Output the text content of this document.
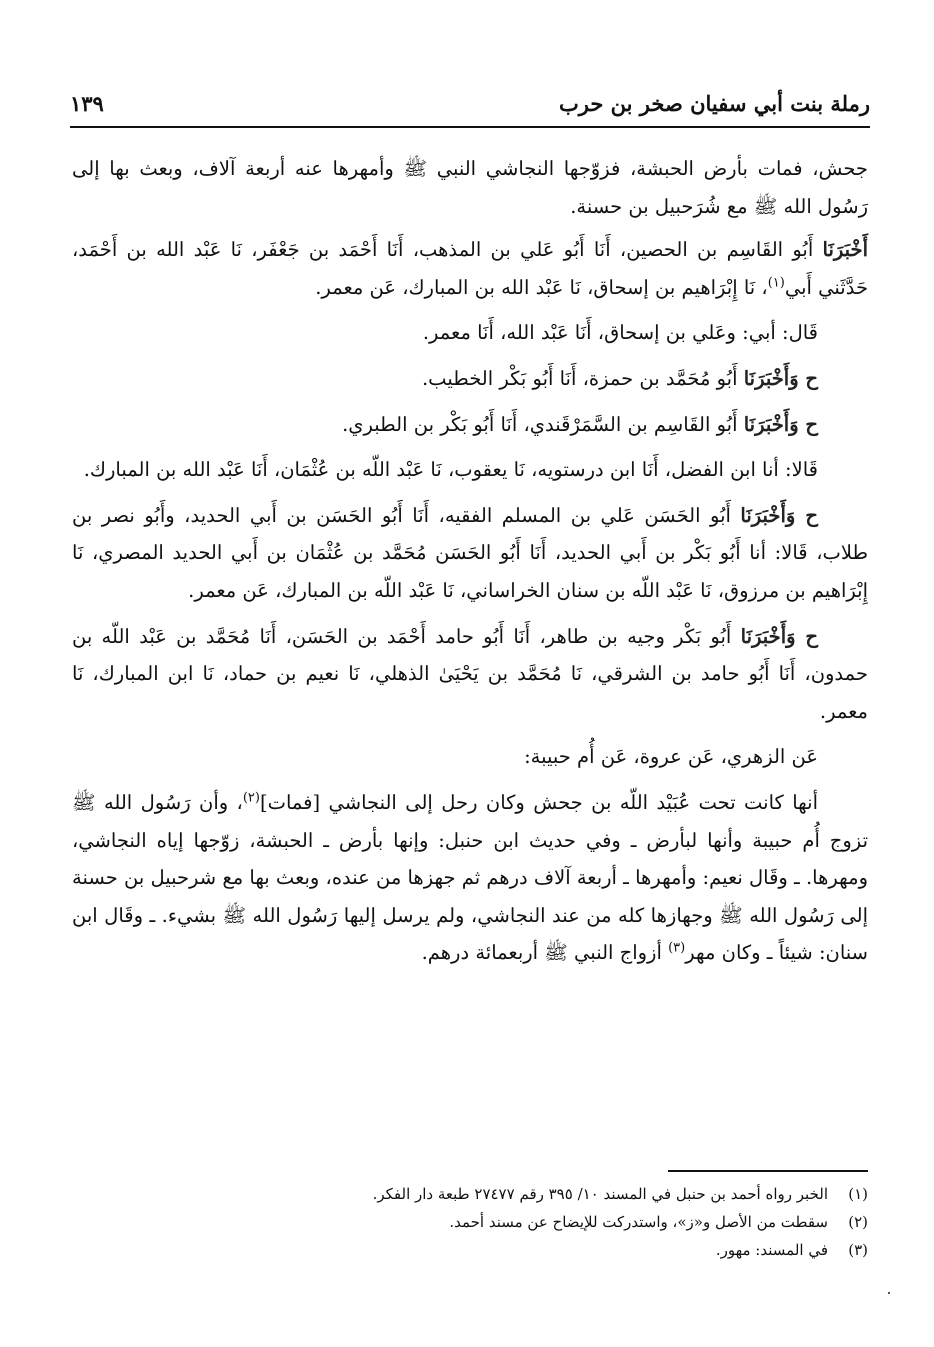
رملة بنت أبي سفيان صخر بن حرب
١٣٩

جحش، فمات بأرض الحبشة، فزوّجها النجاشي النبي ﷺ وأمهرها عنه أربعة آلاف، وبعث بها إلى رَسُول الله ﷺ مع شُرَحبيل بن حسنة.

أَخْبَرَنَا أَبُو القَاسِم بن الحصين، أَنَا أَبُو عَلي بن المذهب، أَنَا أَحْمَد بن جَعْفَر، نَا عَبْد الله بن أَحْمَد، حَدَّثَني أَبي$^{(١)}$، نَا إِبْرَاهيم بن إسحاق، نَا عَبْد الله بن المبارك، عَن معمر.

قَال: أبي: وعَلي بن إسحاق، أَنَا عَبْد الله، أَنَا معمر.

ح وَأَخْبَرَنَا أَبُو مُحَمَّد بن حمزة، أَنَا أَبُو بَكْر الخطيب.

ح وَأَخْبَرَنَا أَبُو القَاسِم بن السَّمَرْقَندي، أَنَا أَبُو بَكْر بن الطبري.

قَالا: أنا ابن الفضل، أَنَا ابن درستويه، نَا يعقوب، نَا عَبْد اللّه بن عُثْمَان، أَنَا عَبْد الله بن المبارك.

ح وَأَخْبَرَنَا أَبُو الحَسَن عَلي بن المسلم الفقيه، أَنَا أَبُو الحَسَن بن أَبي الحديد، وأَبُو نصر بن طلاب، قَالا: أنا أَبُو بَكْر بن أَبي الحديد، أَنَا أَبُو الحَسَن مُحَمَّد بن عُثْمَان بن أَبي الحديد المصري، نَا إِبْرَاهيم بن مرزوق، نَا عَبْد اللّه بن سنان الخراساني، نَا عَبْد اللّه بن المبارك، عَن معمر.

ح وَأَخْبَرَنَا أَبُو بَكْر وجيه بن طاهر، أَنَا أَبُو حامد أَحْمَد بن الحَسَن، أَنَا مُحَمَّد بن عَبْد اللّه بن حمدون، أَنَا أَبُو حامد بن الشرقي، نَا مُحَمَّد بن يَحْيَىٰ الذهلي، نَا نعيم بن حماد، نَا ابن المبارك، نَا معمر.

عَن الزهري، عَن عروة، عَن أُم حبيبة:

أنها كانت تحت عُبَيْد اللّه بن جحش وكان رحل إلى النجاشي [فمات]$^{(٢)}$، وأن رَسُول الله ﷺ تزوج أُم حبيبة وأنها لبأرض ـ وفي حديث ابن حنبل: وإنها بأرض ـ الحبشة، زوّجها إياه النجاشي، ومهرها. ـ وقَال نعيم: وأمهرها ـ أربعة آلاف درهم ثم جهزها من عنده، وبعث بها مع شرحبيل بن حسنة إلى رَسُول الله ﷺ وجهازها كله من عند النجاشي، ولم يرسل إليها رَسُول الله ﷺ بشيء. ـ وقَال ابن سنان: شيئاً ـ وكان مهر$^{(٣)}$ أزواج النبي ﷺ أربعمائة درهم.

(١)الخبر رواه أحمد بن حنبل في المسند ١٠/ ٣٩٥ رقم ٢٧٤٧٧ طبعة دار الفكر.
(٢)سقطت من الأصل و«ز»، واستدركت للإيضاح عن مسند أحمد.
(٣)في المسند: مهور.
